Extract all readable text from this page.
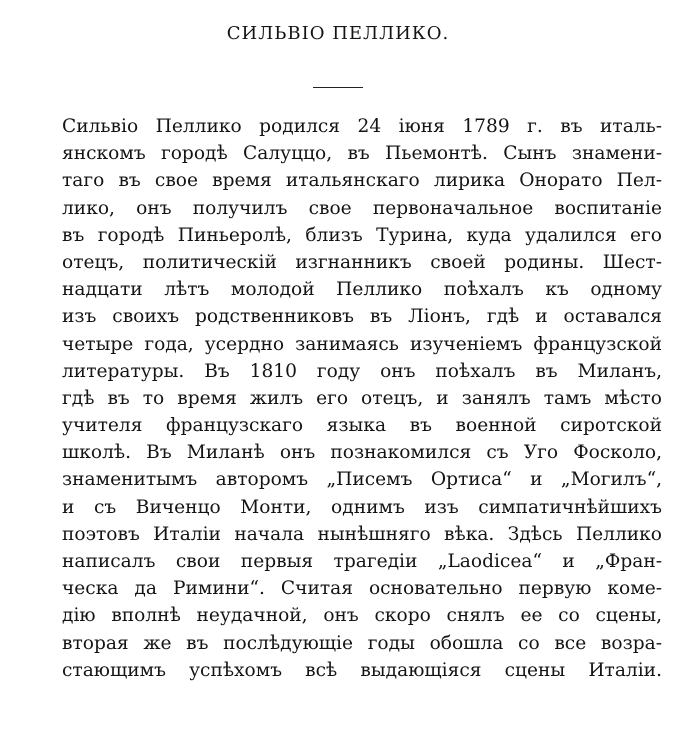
СИЛЬВІО ПЕЛЛИКО.
Сильвіо Пеллико родился 24 іюня 1789 г. въ италь-
янскомъ городѣ Салуццо, въ Пьемонтѣ. Сынъ знамени-
таго въ свое время итальянскаго лирика Онорато Пел-
лико, онъ получилъ свое первоначальное воспитаніе
въ городѣ Пиньеролѣ, близъ Турина, куда удалился его
отецъ, политическій изгнанникъ своей родины. Шест-
надцати лѣтъ молодой Пеллико поѣхалъ къ одному
изъ своихъ родственниковъ въ Ліонъ, гдѣ и оставался
четыре года, усердно занимаясь изученіемъ французской
литературы. Въ 1810 году онъ поѣхалъ въ Миланъ,
гдѣ въ то время жилъ его отецъ, и занялъ тамъ мѣсто
учителя французскаго языка въ военной сиротской
школѣ. Въ Миланѣ онъ познакомился съ Уго Фосколо,
знаменитымъ авторомъ „Писемъ Ортиса“ и „Могилъ“,
и съ Виченцо Монти, однимъ изъ симпатичнѣйшихъ
поэтовъ Италіи начала нынѣшняго вѣка. Здѣсь Пеллико
написалъ свои первыя трагедіи „Laodicea“ и „Фран-
ческа да Римини“. Считая основательно первую коме-
дію вполнѣ неудачной, онъ скоро снялъ ее со сцены,
вторая же въ послѣдующіе годы обошла со все возра-
стающимъ успѣхомъ всѣ выдающіяся сцены Италіи.
